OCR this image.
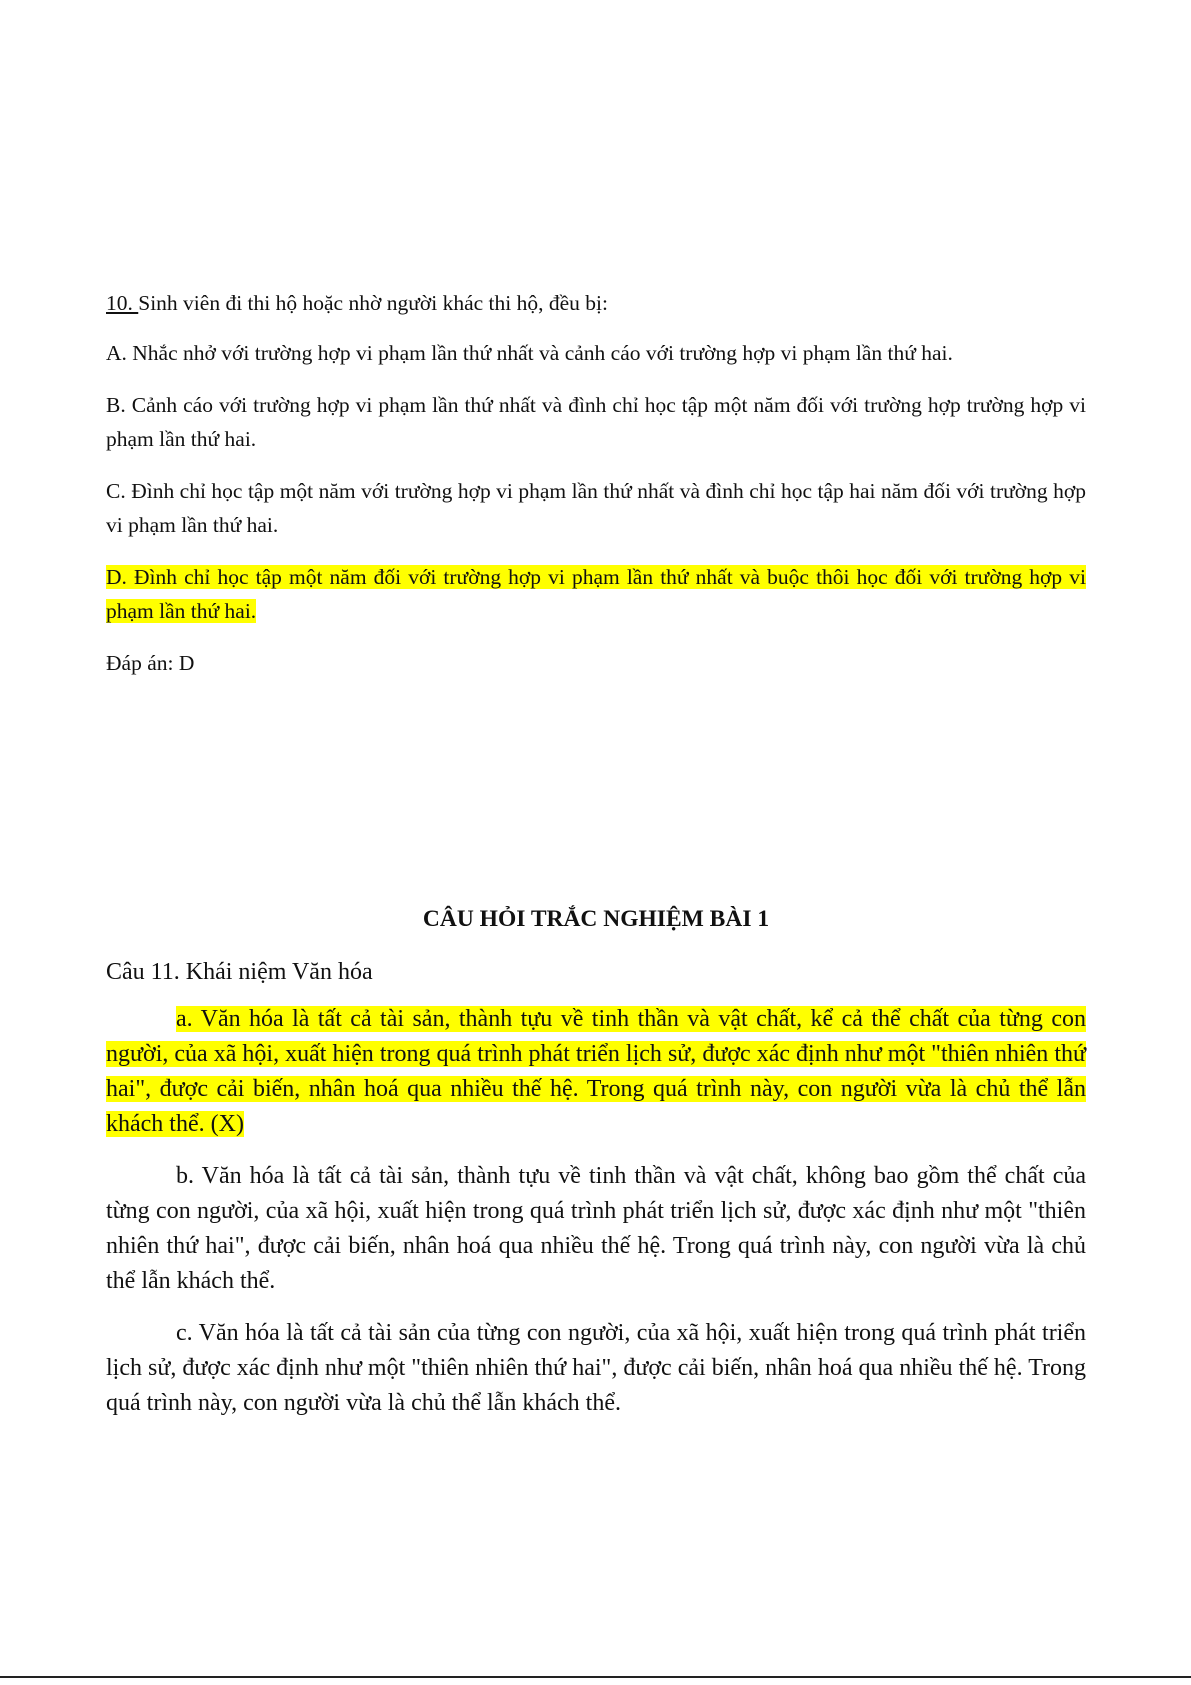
10. Sinh viên đi thi hộ hoặc nhờ người khác thi hộ, đều bị:

A. Nhắc nhở với trường hợp vi phạm lần thứ nhất và cảnh cáo với trường hợp vi phạm lần thứ hai.

B. Cảnh cáo với trường hợp vi phạm lần thứ nhất và đình chỉ học tập một năm đối với trường hợp trường hợp vi phạm lần thứ hai.

C. Đình chỉ học tập một năm với trường hợp vi phạm lần thứ nhất và đình chỉ học tập hai năm đối với trường hợp vi phạm lần thứ hai.

D. Đình chỉ học tập một năm đối với trường hợp vi phạm lần thứ nhất và buộc thôi học đối với trường hợp vi phạm lần thứ hai.

Đáp án: D

CÂU HỎI TRẮC NGHIỆM BÀI 1

Câu 11. Khái niệm Văn hóa

a. Văn hóa là tất cả tài sản, thành tựu về tinh thần và vật chất, kể cả thể chất của từng con người, của xã hội, xuất hiện trong quá trình phát triển lịch sử, được xác định như một "thiên nhiên thứ hai", được cải biến, nhân hoá qua nhiều thế hệ. Trong quá trình này, con người vừa là chủ thể lẫn khách thể. (X)

b. Văn hóa là tất cả tài sản, thành tựu về tinh thần và vật chất, không bao gồm thể chất của từng con người, của xã hội, xuất hiện trong quá trình phát triển lịch sử, được xác định như một "thiên nhiên thứ hai", được cải biến, nhân hoá qua nhiều thế hệ. Trong quá trình này, con người vừa là chủ thể lẫn khách thể.

c. Văn hóa là tất cả tài sản của từng con người, của xã hội, xuất hiện trong quá trình phát triển lịch sử, được xác định như một "thiên nhiên thứ hai", được cải biến, nhân hoá qua nhiều thế hệ. Trong quá trình này, con người vừa là chủ thể lẫn khách thể.
